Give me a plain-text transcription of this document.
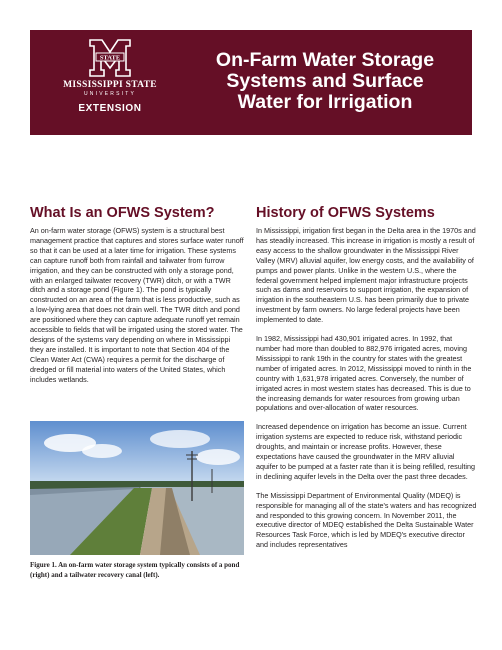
STATE
MISSISSIPPI STATE
UNIVERSITY
EXTENSION
On-Farm Water Storage
Systems and Surface
Water for Irrigation
What Is an OFWS System?

An on-farm water storage (OFWS) system is a structural best management practice that captures and stores surface water runoff so that it can be used at a later time for irrigation. These systems can capture runoff both from rainfall and tailwater from furrow irrigation, and they can be constructed with only a storage pond, with an enlarged tailwater recovery (TWR) ditch, or with a TWR ditch and a storage pond (Figure 1). The pond is typically constructed on an area of the farm that is less productive, such as a low-lying area that does not drain well. The TWR ditch and pond are positioned where they can capture adequate runoff yet remain accessible to fields that will be irrigated using the stored water. The designs of the systems vary depending on where in Mississippi they are installed. It is important to note that Section 404 of the Clean Water Act (CWA) requires a permit for the discharge of dredged or fill material into waters of the United States, which includes wetlands.

Figure 1. An on-farm water storage system typically consists of a pond (right) and a tailwater recovery canal (left).
History of OFWS Systems

In Mississippi, irrigation first began in the Delta area in the 1970s and has steadily increased. This increase in irrigation is mostly a result of easy access to the shallow groundwater in the Mississippi River Valley (MRV) alluvial aquifer, low energy costs, and the availability of pumps and power plants. Unlike in the western U.S., where the federal government helped implement major infrastructure projects such as dams and reservoirs to support irrigation, the expansion of irrigation in the southeastern U.S. has been primarily due to private investment by farm owners. No large federal projects have been implemented to date.

In 1982, Mississippi had 430,901 irrigated acres. In 1992, that number had more than doubled to 882,976 irrigated acres, moving Mississippi to rank 19th in the country for states with the greatest number of irrigated acres. In 2012, Mississippi moved to ninth in the country with 1,631,978 irrigated acres. Conversely, the number of irrigated acres in most western states has decreased. This is due to the increasing demands for water resources from growing urban populations and over-allocation of water resources.

Increased dependence on irrigation has become an issue. Current irrigation systems are expected to reduce risk, withstand periodic droughts, and maintain or increase profits. However, these expectations have caused the groundwater in the MRV alluvial aquifer to be pumped at a faster rate than it is being refilled, resulting in declining aquifer levels in the Delta over the past three decades.

The Mississippi Department of Environmental Quality (MDEQ) is responsible for managing all of the state's waters and has recognized and responded to this growing concern. In November 2011, the executive director of MDEQ established the Delta Sustainable Water Resources Task Force, which is led by MDEQ's executive director and includes representatives
